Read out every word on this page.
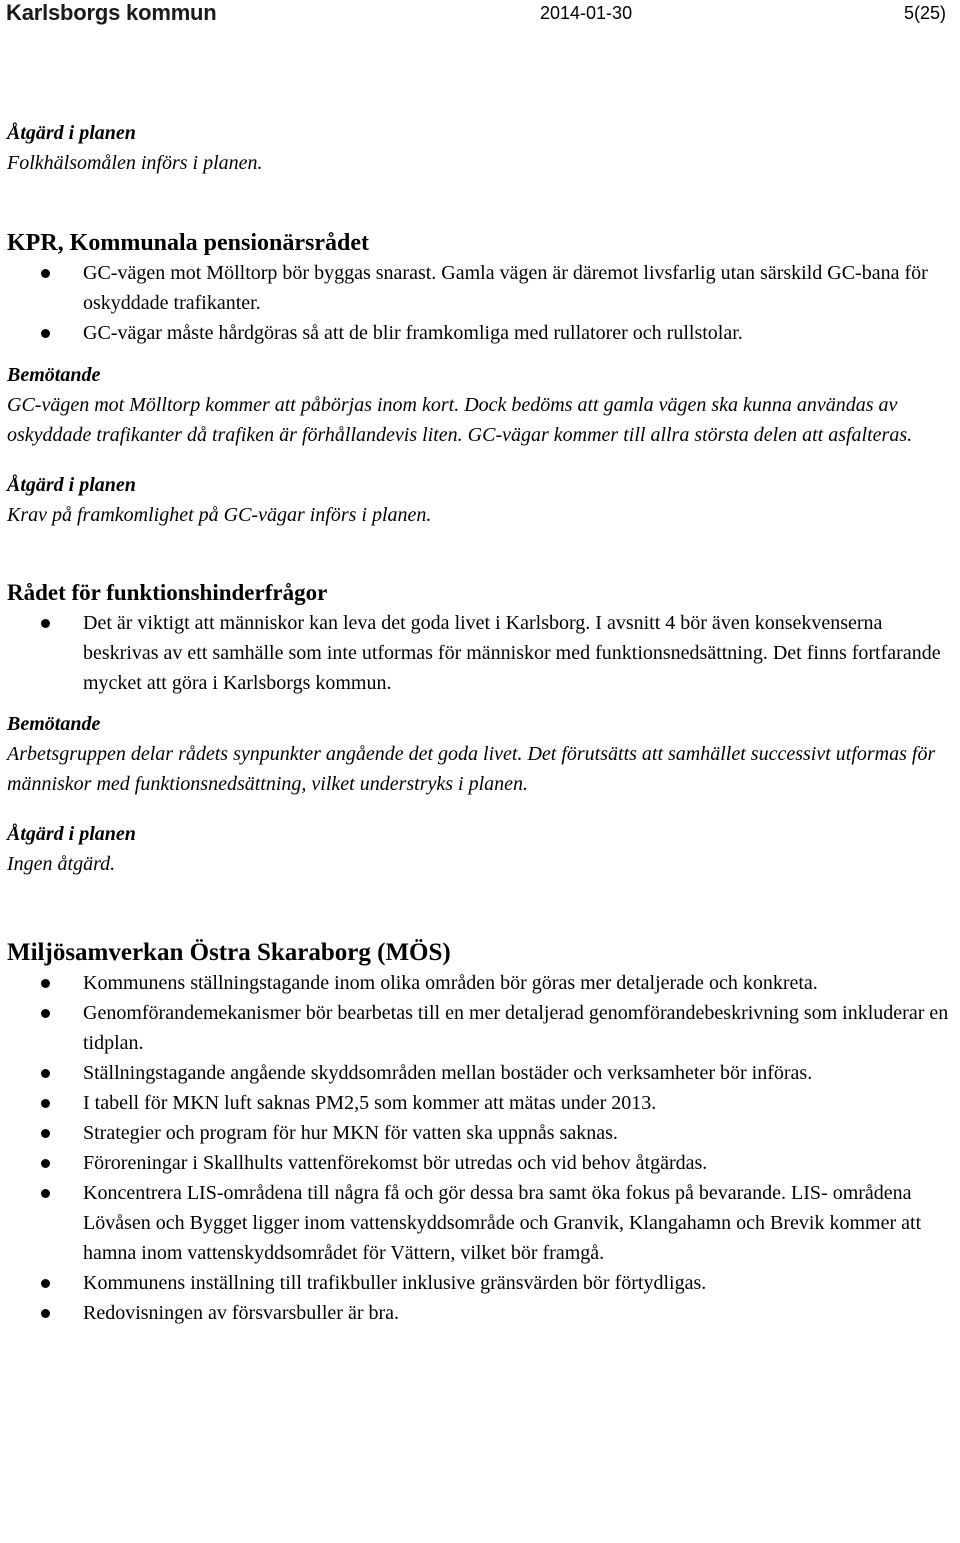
Karlsborgs kommun	2014-01-30	5(25)

Åtgärd i planen

Folkhälsomålen införs i planen.

KPR, Kommunala pensionärsrådet
GC-vägen mot Mölltorp bör byggas snarast. Gamla vägen är däremot livsfarlig utan särskild GC-bana för oskyddade trafikanter.
GC-vägar måste hårdgöras så att de blir framkomliga med rullatorer och rullstolar.

Bemötande

GC-vägen mot Mölltorp kommer att påbörjas inom kort. Dock bedöms att gamla vägen ska kunna användas av oskyddade trafikanter då trafiken är förhållandevis liten. GC-vägar kommer till allra största delen att asfalteras.

Åtgärd i planen

Krav på framkomlighet på GC-vägar införs i planen.

Rådet för funktionshinderfrågor
Det är viktigt att människor kan leva det goda livet i Karlsborg. I avsnitt 4 bör även konsekvenserna beskrivas av ett samhälle som inte utformas för människor med funktionsnedsättning. Det finns fortfarande mycket att göra i Karlsborgs kommun.

Bemötande

Arbetsgruppen delar rådets synpunkter angående det goda livet. Det förutsätts att samhället successivt utformas för människor med funktionsnedsättning, vilket understryks i planen.

Åtgärd i planen

Ingen åtgärd.

Miljösamverkan Östra Skaraborg (MÖS)
Kommunens ställningstagande inom olika områden bör göras mer detaljerade och konkreta.
Genomförandemekanismer bör bearbetas till en mer detaljerad genomförandebeskrivning som inkluderar en tidplan.
Ställningstagande angående skyddsområden mellan bostäder och verksamheter bör införas.
I tabell för MKN luft saknas PM2,5 som kommer att mätas under 2013.
Strategier och program för hur MKN för vatten ska uppnås saknas.
Föroreningar i Skallhults vattenförekomst bör utredas och vid behov åtgärdas.
Koncentrera LIS-områdena till några få och gör dessa bra samt öka fokus på bevarande. LIS- områdena Lövåsen och Bygget ligger inom vattenskyddsområde och Granvik, Klangahamn och Brevik kommer att hamna inom vattenskyddsområdet för Vättern, vilket bör framgå.
Kommunens inställning till trafikbuller inklusive gränsvärden bör förtydligas.
Redovisningen av försvarsbuller är bra.
